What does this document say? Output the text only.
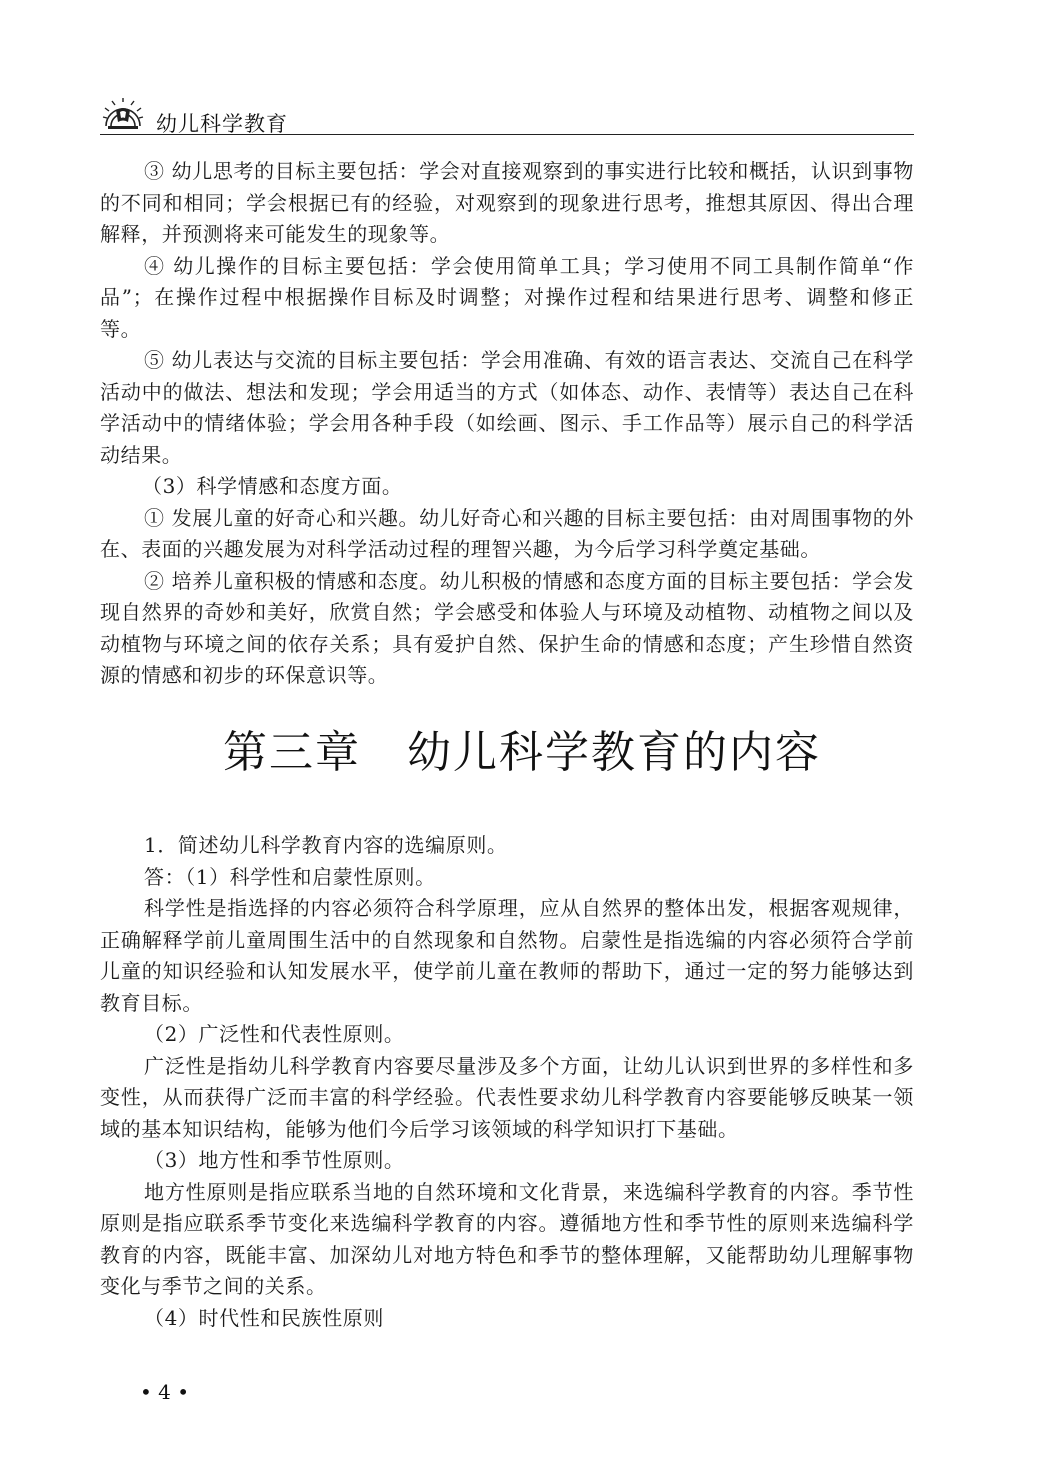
幼儿科学教育

③ 幼儿思考的目标主要包括：学会对直接观察到的事实进行比较和概括，认识到事物的不同和相同；学会根据已有的经验，对观察到的现象进行思考，推想其原因、得出合理解释，并预测将来可能发生的现象等。

④ 幼儿操作的目标主要包括：学会使用简单工具；学习使用不同工具制作简单“作品”；在操作过程中根据操作目标及时调整；对操作过程和结果进行思考、调整和修正等。

⑤ 幼儿表达与交流的目标主要包括：学会用准确、有效的语言表达、交流自己在科学活动中的做法、想法和发现；学会用适当的方式（如体态、动作、表情等）表达自己在科学活动中的情绪体验；学会用各种手段（如绘画、图示、手工作品等）展示自己的科学活动结果。

（3）科学情感和态度方面。

① 发展儿童的好奇心和兴趣。幼儿好奇心和兴趣的目标主要包括：由对周围事物的外在、表面的兴趣发展为对科学活动过程的理智兴趣，为今后学习科学奠定基础。

② 培养儿童积极的情感和态度。幼儿积极的情感和态度方面的目标主要包括：学会发现自然界的奇妙和美好，欣赏自然；学会感受和体验人与环境及动植物、动植物之间以及动植物与环境之间的依存关系；具有爱护自然、保护生命的情感和态度；产生珍惜自然资源的情感和初步的环保意识等。

第三章　幼儿科学教育的内容

1．简述幼儿科学教育内容的选编原则。

答：（1）科学性和启蒙性原则。

科学性是指选择的内容必须符合科学原理，应从自然界的整体出发，根据客观规律，正确解释学前儿童周围生活中的自然现象和自然物。启蒙性是指选编的内容必须符合学前儿童的知识经验和认知发展水平，使学前儿童在教师的帮助下，通过一定的努力能够达到教育目标。

（2）广泛性和代表性原则。

广泛性是指幼儿科学教育内容要尽量涉及多个方面，让幼儿认识到世界的多样性和多变性，从而获得广泛而丰富的科学经验。代表性要求幼儿科学教育内容要能够反映某一领域的基本知识结构，能够为他们今后学习该领域的科学知识打下基础。

（3）地方性和季节性原则。

地方性原则是指应联系当地的自然环境和文化背景，来选编科学教育的内容。季节性原则是指应联系季节变化来选编科学教育的内容。遵循地方性和季节性的原则来选编科学教育的内容，既能丰富、加深幼儿对地方特色和季节的整体理解，又能帮助幼儿理解事物变化与季节之间的关系。

（4）时代性和民族性原则

• 4 •
